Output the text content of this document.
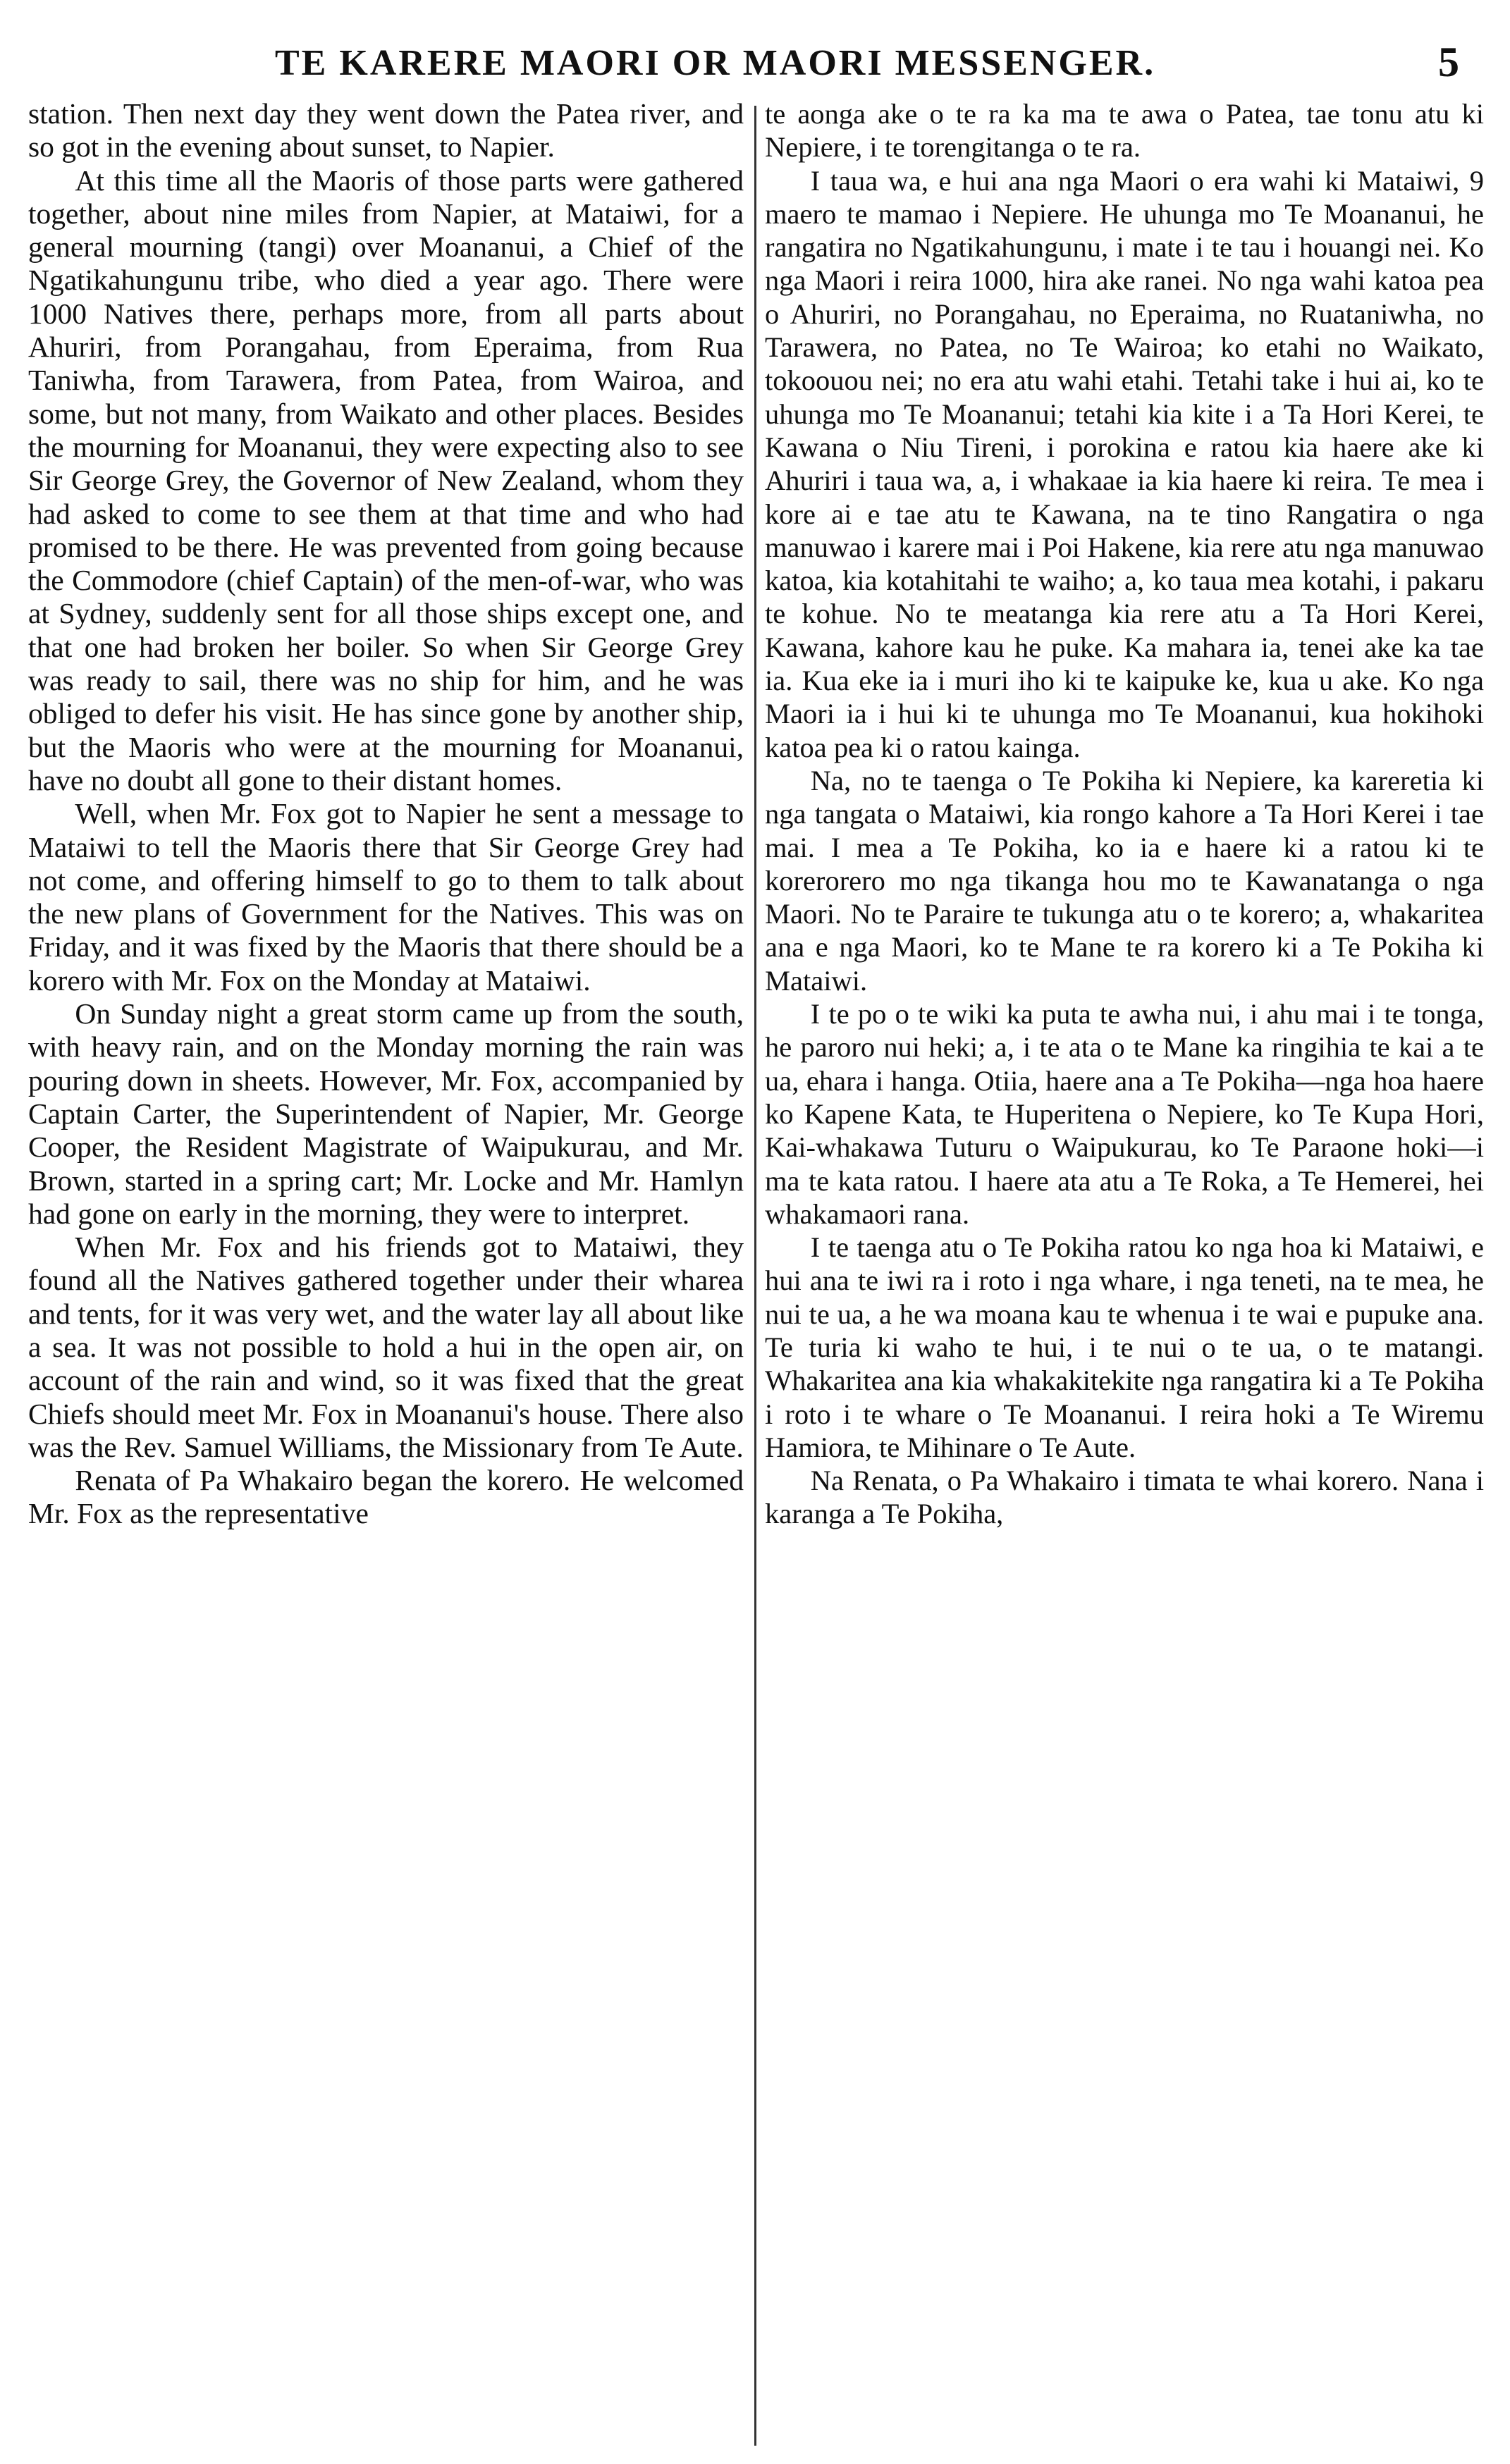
TE KARERE MAORI OR MAORI MESSENGER.	5

station. Then next day they went down the Patea river, and so got in the evening about sunset, to Napier.

At this time all the Maoris of those parts were gathered together, about nine miles from Napier, at Mataiwi, for a general mourning (tangi) over Moananui, a Chief of the Ngatikahungunu tribe, who died a year ago. There were 1000 Natives there, perhaps more, from all parts about Ahuriri, from Porangahau, from Eperaima, from Rua Taniwha, from Tarawera, from Patea, from Wairoa, and some, but not many, from Waikato and other places. Besides the mourning for Moananui, they were expecting also to see Sir George Grey, the Governor of New Zealand, whom they had asked to come to see them at that time and who had promised to be there. He was prevented from going because the Commodore (chief Captain) of the men-of-war, who was at Sydney, suddenly sent for all those ships except one, and that one had broken her boiler. So when Sir George Grey was ready to sail, there was no ship for him, and he was obliged to defer his visit. He has since gone by another ship, but the Maoris who were at the mourning for Moananui, have no doubt all gone to their distant homes.

Well, when Mr. Fox got to Napier he sent a message to Mataiwi to tell the Maoris there that Sir George Grey had not come, and offering himself to go to them to talk about the new plans of Government for the Natives. This was on Friday, and it was fixed by the Maoris that there should be a korero with Mr. Fox on the Monday at Mataiwi.

On Sunday night a great storm came up from the south, with heavy rain, and on the Monday morning the rain was pouring down in sheets. However, Mr. Fox, accompanied by Captain Carter, the Superintendent of Napier, Mr. George Cooper, the Resident Magistrate of Waipukurau, and Mr. Brown, started in a spring cart; Mr. Locke and Mr. Hamlyn had gone on early in the morning, they were to interpret.

When Mr. Fox and his friends got to Mataiwi, they found all the Natives gathered together under their wharea and tents, for it was very wet, and the water lay all about like a sea. It was not possible to hold a hui in the open air, on account of the rain and wind, so it was fixed that the great Chiefs should meet Mr. Fox in Moananui's house. There also was the Rev. Samuel Williams, the Missionary from Te Aute.

Renata of Pa Whakairo began the korero. He welcomed Mr. Fox as the representative

te aonga ake o te ra ka ma te awa o Patea, tae tonu atu ki Nepiere, i te torengitanga o te ra.

I taua wa, e hui ana nga Maori o era wahi ki Mataiwi, 9 maero te mamao i Nepiere. He uhunga mo Te Moananui, he rangatira no Ngatikahungunu, i mate i te tau i houangi nei. Ko nga Maori i reira 1000, hira ake ranei. No nga wahi katoa pea o Ahuriri, no Porangahau, no Eperaima, no Ruataniwha, no Tarawera, no Patea, no Te Wairoa; ko etahi no Waikato, tokoouou nei; no era atu wahi etahi. Tetahi take i hui ai, ko te uhunga mo Te Moananui; tetahi kia kite i a Ta Hori Kerei, te Kawana o Niu Tireni, i porokina e ratou kia haere ake ki Ahuriri i taua wa, a, i whakaae ia kia haere ki reira. Te mea i kore ai e tae atu te Kawana, na te tino Rangatira o nga manuwao i karere mai i Poi Hakene, kia rere atu nga manuwao katoa, kia kotahitahi te waiho; a, ko taua mea kotahi, i pakaru te kohue. No te meatanga kia rere atu a Ta Hori Kerei, Kawana, kahore kau he puke. Ka mahara ia, tenei ake ka tae ia. Kua eke ia i muri iho ki te kaipuke ke, kua u ake. Ko nga Maori ia i hui ki te uhunga mo Te Moananui, kua hokihoki katoa pea ki o ratou kainga.

Na, no te taenga o Te Pokiha ki Nepiere, ka kareretia ki nga tangata o Mataiwi, kia rongo kahore a Ta Hori Kerei i tae mai. I mea a Te Pokiha, ko ia e haere ki a ratou ki te korerorero mo nga tikanga hou mo te Kawanatanga o nga Maori. No te Paraire te tukunga atu o te korero; a, whakaritea ana e nga Maori, ko te Mane te ra korero ki a Te Pokiha ki Mataiwi.

I te po o te wiki ka puta te awha nui, i ahu mai i te tonga, he paroro nui heki; a, i te ata o te Mane ka ringihia te kai a te ua, ehara i hanga. Otiia, haere ana a Te Pokiha—nga hoa haere ko Kapene Kata, te Huperitena o Nepiere, ko Te Kupa Hori, Kai-whakawa Tuturu o Waipukurau, ko Te Paraone hoki—i ma te kata ratou. I haere ata atu a Te Roka, a Te Hemerei, hei whakamaori rana.

I te taenga atu o Te Pokiha ratou ko nga hoa ki Mataiwi, e hui ana te iwi ra i roto i nga whare, i nga teneti, na te mea, he nui te ua, a he wa moana kau te whenua i te wai e pupuke ana. Te turia ki waho te hui, i te nui o te ua, o te matangi. Whakaritea ana kia whakakitekite nga rangatira ki a Te Pokiha i roto i te whare o Te Moananui. I reira hoki a Te Wiremu Hamiora, te Mihinare o Te Aute.

Na Renata, o Pa Whakairo i timata te whai korero. Nana i karanga a Te Pokiha,
